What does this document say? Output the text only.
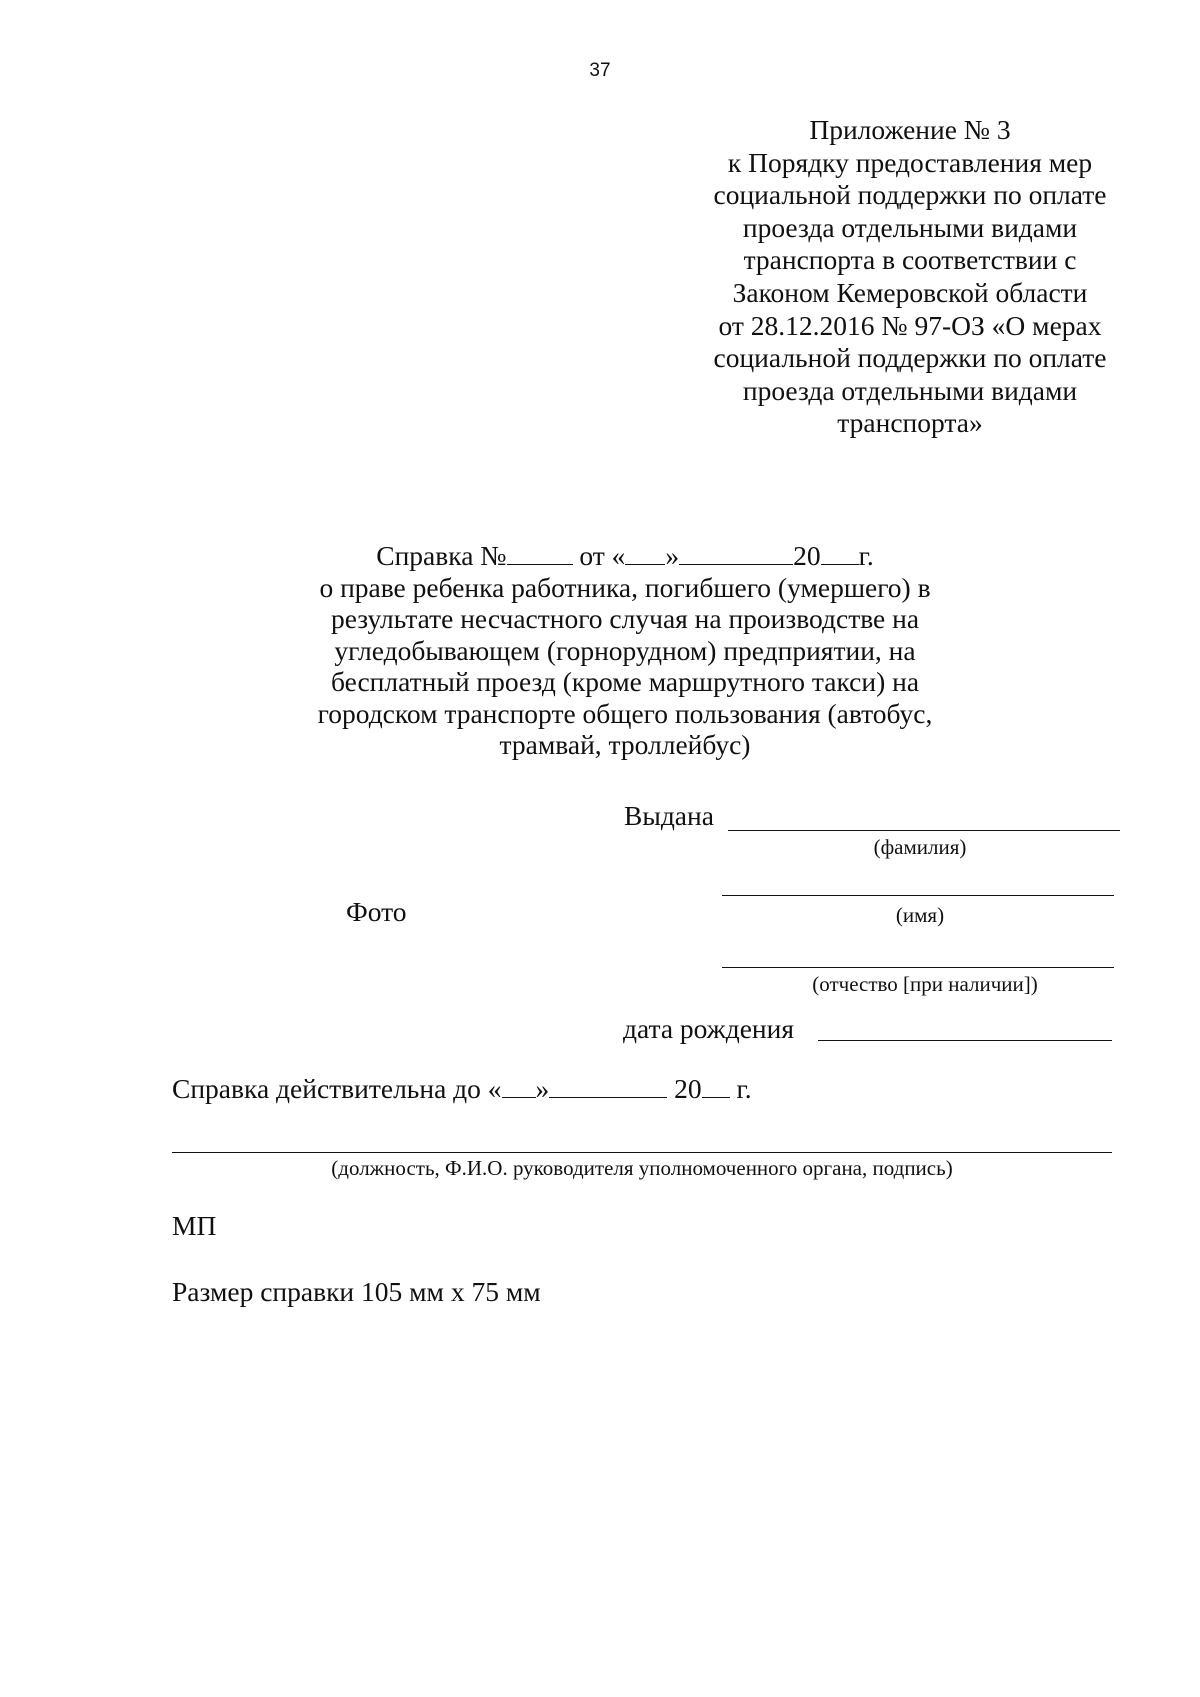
37
Приложение № 3
к Порядку предоставления мер
социальной поддержки по оплате
проезда отдельными видами
транспорта в соответствии с
Законом Кемеровской области
от 28.12.2016 № 97-ОЗ «О мерах
социальной поддержки по оплате
проезда отдельными видами
транспорта»
Справка № от « »	20 г.
о праве ребенка работника, погибшего (умершего) в
результате несчастного случая на производстве на
угледобывающем (горнорудном) предприятии, на
бесплатный проезд (кроме маршрутного такси) на
городском транспорте общего пользования (автобус,
трамвай, троллейбус)
Выдана
(фамилия)
Фото	(имя)
(отчество [при наличии])
дата рождения
Справка действительна до « »	20 г.
(должность, Ф.И.О. руководителя уполномоченного органа, подпись)
МП
Размер справки 105 мм х 75 мм
